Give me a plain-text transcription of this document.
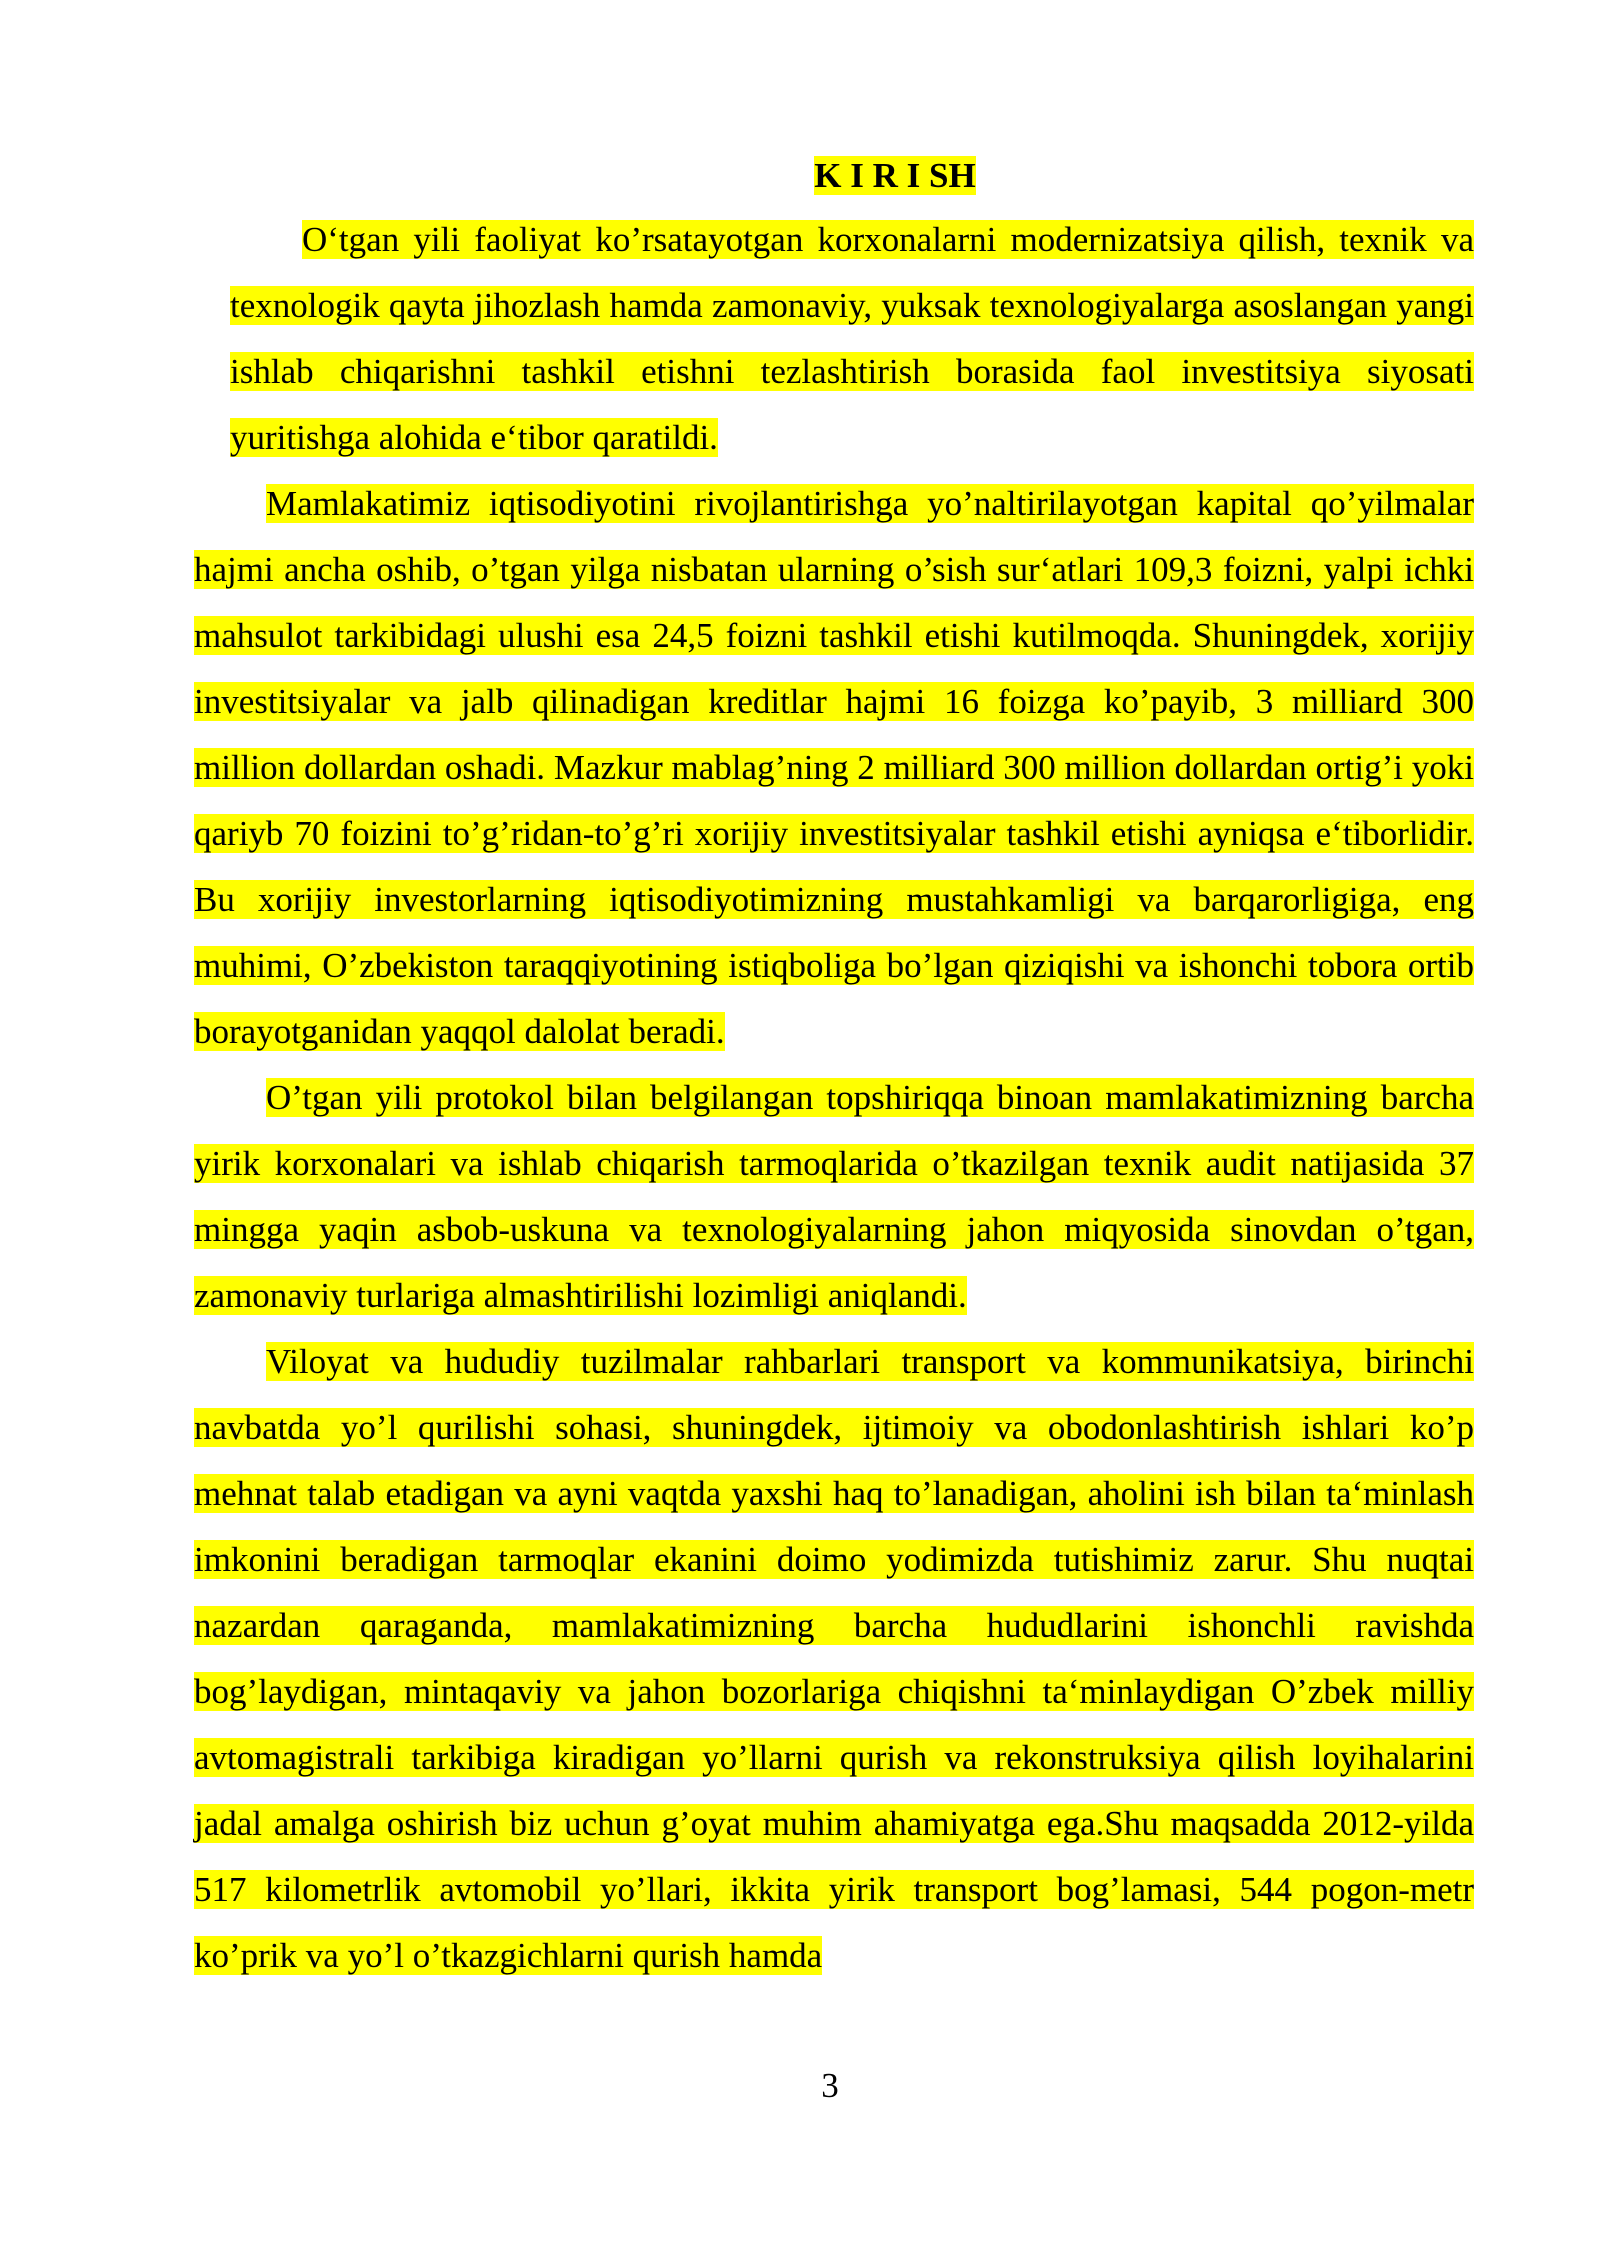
K I R I SH

O‘tgan yili faoliyat ko’rsatayotgan korxonalarni modernizatsiya qilish, texnik va texnologik qayta jihozlash hamda zamonaviy, yuksak texnologiyalarga asoslangan yangi ishlab chiqarishni tashkil etishni tezlashtirish borasida faol investitsiya siyosati yuritishga alohida e‘tibor qaratildi.

Mamlakatimiz iqtisodiyotini rivojlantirishga yo’naltirilayotgan kapital qo’yilmalar hajmi ancha oshib, o’tgan yilga nisbatan ularning o’sish sur‘atlari 109,3 foizni, yalpi ichki mahsulot tarkibidagi ulushi esa 24,5 foizni tashkil etishi kutilmoqda. Shuningdek, xorijiy investitsiyalar va jalb qilinadigan kreditlar hajmi 16 foizga ko’payib, 3 milliard 300 million dollardan oshadi. Mazkur mablag’ning 2 milliard 300 million dollardan ortig’i yoki qariyb 70 foizini to’g’ridan-to’g’ri xorijiy investitsiyalar tashkil etishi ayniqsa e‘tiborlidir. Bu xorijiy investorlarning iqtisodiyotimizning mustahkamligi va barqarorligiga, eng muhimi, O’zbekiston taraqqiyotining istiqboliga bo’lgan qiziqishi va ishonchi tobora ortib borayotganidan yaqqol dalolat beradi.

O’tgan yili protokol bilan belgilangan topshiriqqa binoan mamlakatimizning barcha yirik korxonalari va ishlab chiqarish tarmoqlarida o’tkazilgan texnik audit natijasida 37 mingga yaqin asbob-uskuna va texnologiyalarning jahon miqyosida sinovdan o’tgan, zamonaviy turlariga almashtirilishi lozimligi aniqlandi.

Viloyat va hududiy tuzilmalar rahbarlari transport va kommunikatsiya, birinchi navbatda yo’l qurilishi sohasi, shuningdek, ijtimoiy va obodonlashtirish ishlari ko’p mehnat talab etadigan va ayni vaqtda yaxshi haq to’lanadigan, aholini ish bilan ta‘minlash imkonini beradigan tarmoqlar ekanini doimo yodimizda tutishimiz zarur. Shu nuqtai nazardan qaraganda, mamlakatimizning barcha hududlarini ishonchli ravishda bog’laydigan, mintaqaviy va jahon bozorlariga chiqishni ta‘minlaydigan O’zbek milliy avtomagistrali tarkibiga kiradigan yo’llarni qurish va rekonstruksiya qilish loyihalarini jadal amalga oshirish biz uchun g’oyat muhim ahamiyatga ega.Shu maqsadda 2012-yilda 517 kilometrlik avtomobil yo’llari, ikkita yirik transport bog’lamasi, 544 pogon-metr ko’prik va yo’l o’tkazgichlarni qurish hamda

3
